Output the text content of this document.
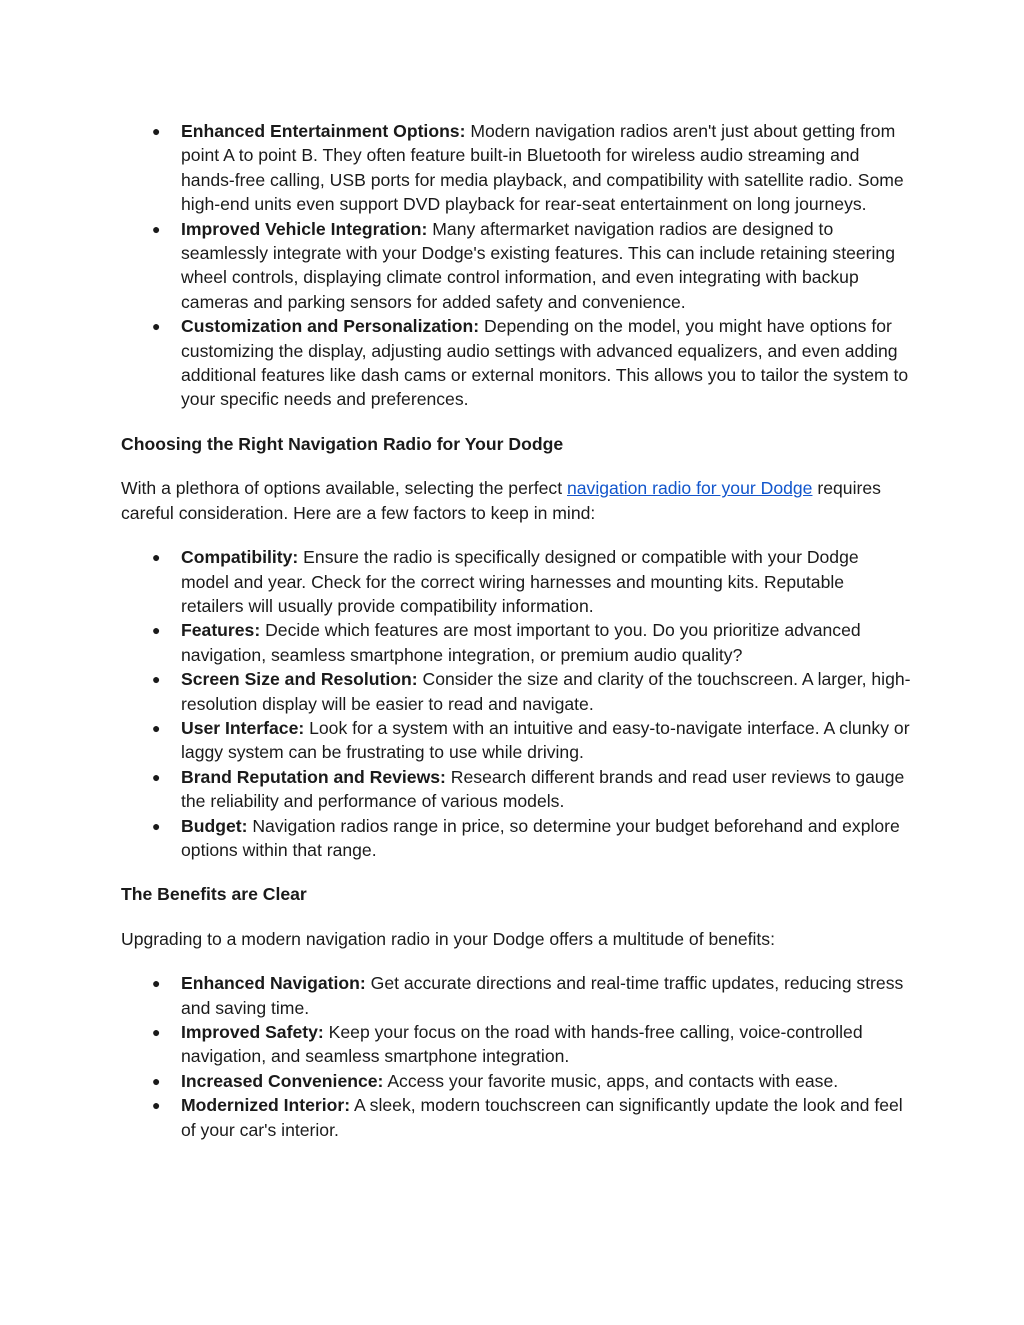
● Enhanced Entertainment Options: Modern navigation radios aren't just about getting from point A to point B. They often feature built-in Bluetooth for wireless audio streaming and hands-free calling, USB ports for media playback, and compatibility with satellite radio. Some high-end units even support DVD playback for rear-seat entertainment on long journeys.
● Improved Vehicle Integration: Many aftermarket navigation radios are designed to seamlessly integrate with your Dodge's existing features. This can include retaining steering wheel controls, displaying climate control information, and even integrating with backup cameras and parking sensors for added safety and convenience.
● Customization and Personalization: Depending on the model, you might have options for customizing the display, adjusting audio settings with advanced equalizers, and even adding additional features like dash cams or external monitors. This allows you to tailor the system to your specific needs and preferences.
Choosing the Right Navigation Radio for Your Dodge

With a plethora of options available, selecting the perfect navigation radio for your Dodge requires careful consideration. Here are a few factors to keep in mind:

● Compatibility: Ensure the radio is specifically designed or compatible with your Dodge model and year. Check for the correct wiring harnesses and mounting kits. Reputable retailers will usually provide compatibility information.
● Features: Decide which features are most important to you. Do you prioritize advanced navigation, seamless smartphone integration, or premium audio quality?
● Screen Size and Resolution: Consider the size and clarity of the touchscreen. A larger, high-resolution display will be easier to read and navigate.
● User Interface: Look for a system with an intuitive and easy-to-navigate interface. A clunky or laggy system can be frustrating to use while driving.
● Brand Reputation and Reviews: Research different brands and read user reviews to gauge the reliability and performance of various models.
● Budget: Navigation radios range in price, so determine your budget beforehand and explore options within that range.
The Benefits are Clear

Upgrading to a modern navigation radio in your Dodge offers a multitude of benefits:

● Enhanced Navigation: Get accurate directions and real-time traffic updates, reducing stress and saving time.
● Improved Safety: Keep your focus on the road with hands-free calling, voice-controlled navigation, and seamless smartphone integration.
● Increased Convenience: Access your favorite music, apps, and contacts with ease.
● Modernized Interior: A sleek, modern touchscreen can significantly update the look and feel of your car's interior.
